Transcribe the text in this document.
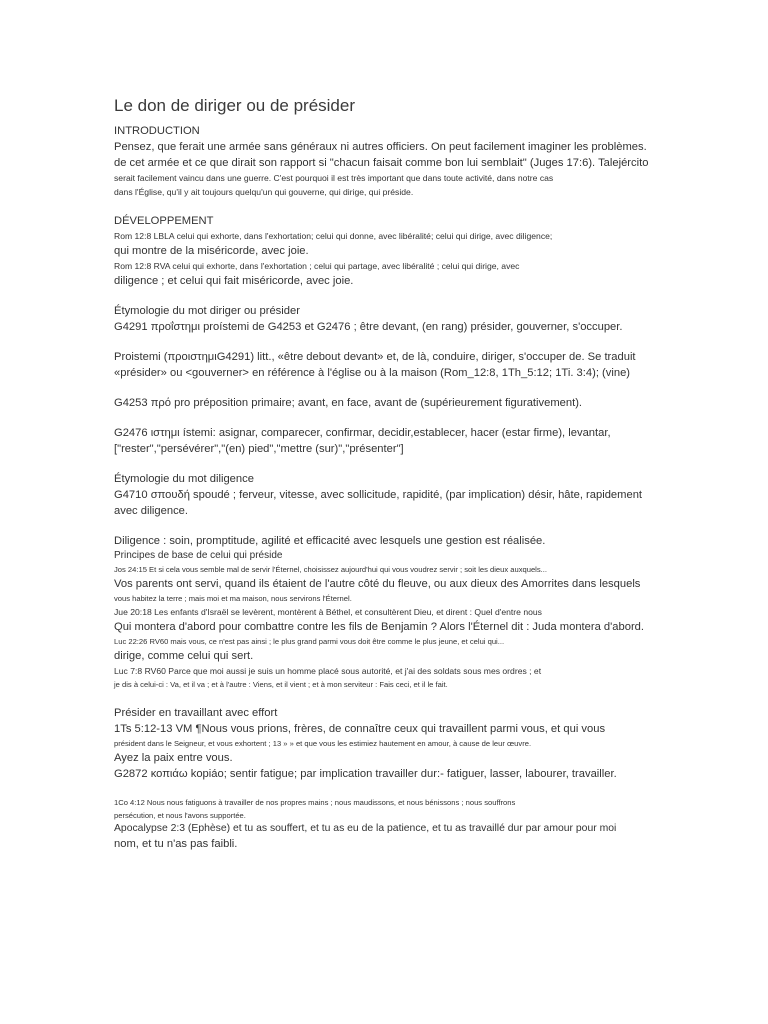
Le don de diriger ou de présider
INTRODUCTION
Pensez, que ferait une armée sans généraux ni autres officiers. On peut facilement imaginer les problèmes.
de cet armée et ce que dirait son rapport si "chacun faisait comme bon lui semblait" (Juges 17:6). Talejército
serait facilement vaincu dans une guerre. C'est pourquoi il est très important que dans toute activité, dans notre cas
dans l'Église, qu'il y ait toujours quelqu'un qui gouverne, qui dirige, qui préside.
DÉVELOPPEMENT
Rom 12:8 LBLA celui qui exhorte, dans l'exhortation; celui qui donne, avec libéralité; celui qui dirige, avec diligence;
qui montre de la miséricorde, avec joie.
Rom 12:8 RVA celui qui exhorte, dans l'exhortation ; celui qui partage, avec libéralité ; celui qui dirige, avec
diligence ; et celui qui fait miséricorde, avec joie.
Étymologie du mot diriger ou présider
G4291 προΐστημι proístemi de G4253 et G2476 ; être devant, (en rang) présider, gouverner, s'occuper.
Proistemi (προιστημιG4291) litt., «être debout devant» et, de là, conduire, diriger, s'occuper de. Se traduit
«présider» ou <gouverner> en référence à l'église ou à la maison (Rom_12:8, 1Th_5:12; 1Ti. 3:4); (vine)
G4253 πρό pro préposition primaire; avant, en face, avant de (supérieurement figurativement).
G2476 ιστημι ístemi: asignar, comparecer, confirmar, decidir,establecer, hacer (estar firme), levantar,
["rester","persévérer","(en) pied","mettre (sur)","présenter"]
Étymologie du mot diligence
G4710 σπουδή spoudé ; ferveur, vitesse, avec sollicitude, rapidité, (par implication) désir, hâte, rapidement
avec diligence.
Diligence : soin, promptitude, agilité et efficacité avec lesquels une gestion est réalisée.
Principes de base de celui qui préside
Jos 24:15 Et si cela vous semble mal de servir l'Éternel, choisissez aujourd'hui qui vous voudrez servir ; soit les dieux auxquels...
Vos parents ont servi, quand ils étaient de l'autre côté du fleuve, ou aux dieux des Amorrites dans lesquels
vous habitez la terre ; mais moi et ma maison, nous servirons l'Éternel.
Jue 20:18 Les enfants d'Israël se levèrent, montèrent à Béthel, et consultèrent Dieu, et dirent : Quel d'entre nous
Qui montera d'abord pour combattre contre les fils de Benjamin ? Alors l'Éternel dit : Juda montera d'abord.
Luc 22:26 RV60 mais vous, ce n'est pas ainsi ; le plus grand parmi vous doit être comme le plus jeune, et celui qui...
dirige, comme celui qui sert.
Luc 7:8 RV60 Parce que moi aussi je suis un homme placé sous autorité, et j'ai des soldats sous mes ordres ; et
je dis à celui-ci : Va, et il va ; et à l'autre : Viens, et il vient ; et à mon serviteur : Fais ceci, et il le fait.
Présider en travaillant avec effort
1Ts 5:12-13 VM ¶Nous vous prions, frères, de connaître ceux qui travaillent parmi vous, et qui vous
président dans le Seigneur, et vous exhortent ; 13 » » et que vous les estimiez hautement en amour, à cause de leur œuvre.
Ayez la paix entre vous.
G2872 κοπιάω kopiáo; sentir fatigue; par implication travailler dur:- fatiguer, lasser, labourer, travailler.
1Co 4:12 Nous nous fatiguons à travailler de nos propres mains ; nous maudissons, et nous bénissons ; nous souffrons
persécution, et nous l'avons supportée.
Apocalypse 2:3 (Ephèse) et tu as souffert, et tu as eu de la patience, et tu as travaillé dur par amour pour moi
nom, et tu n'as pas faibli.
